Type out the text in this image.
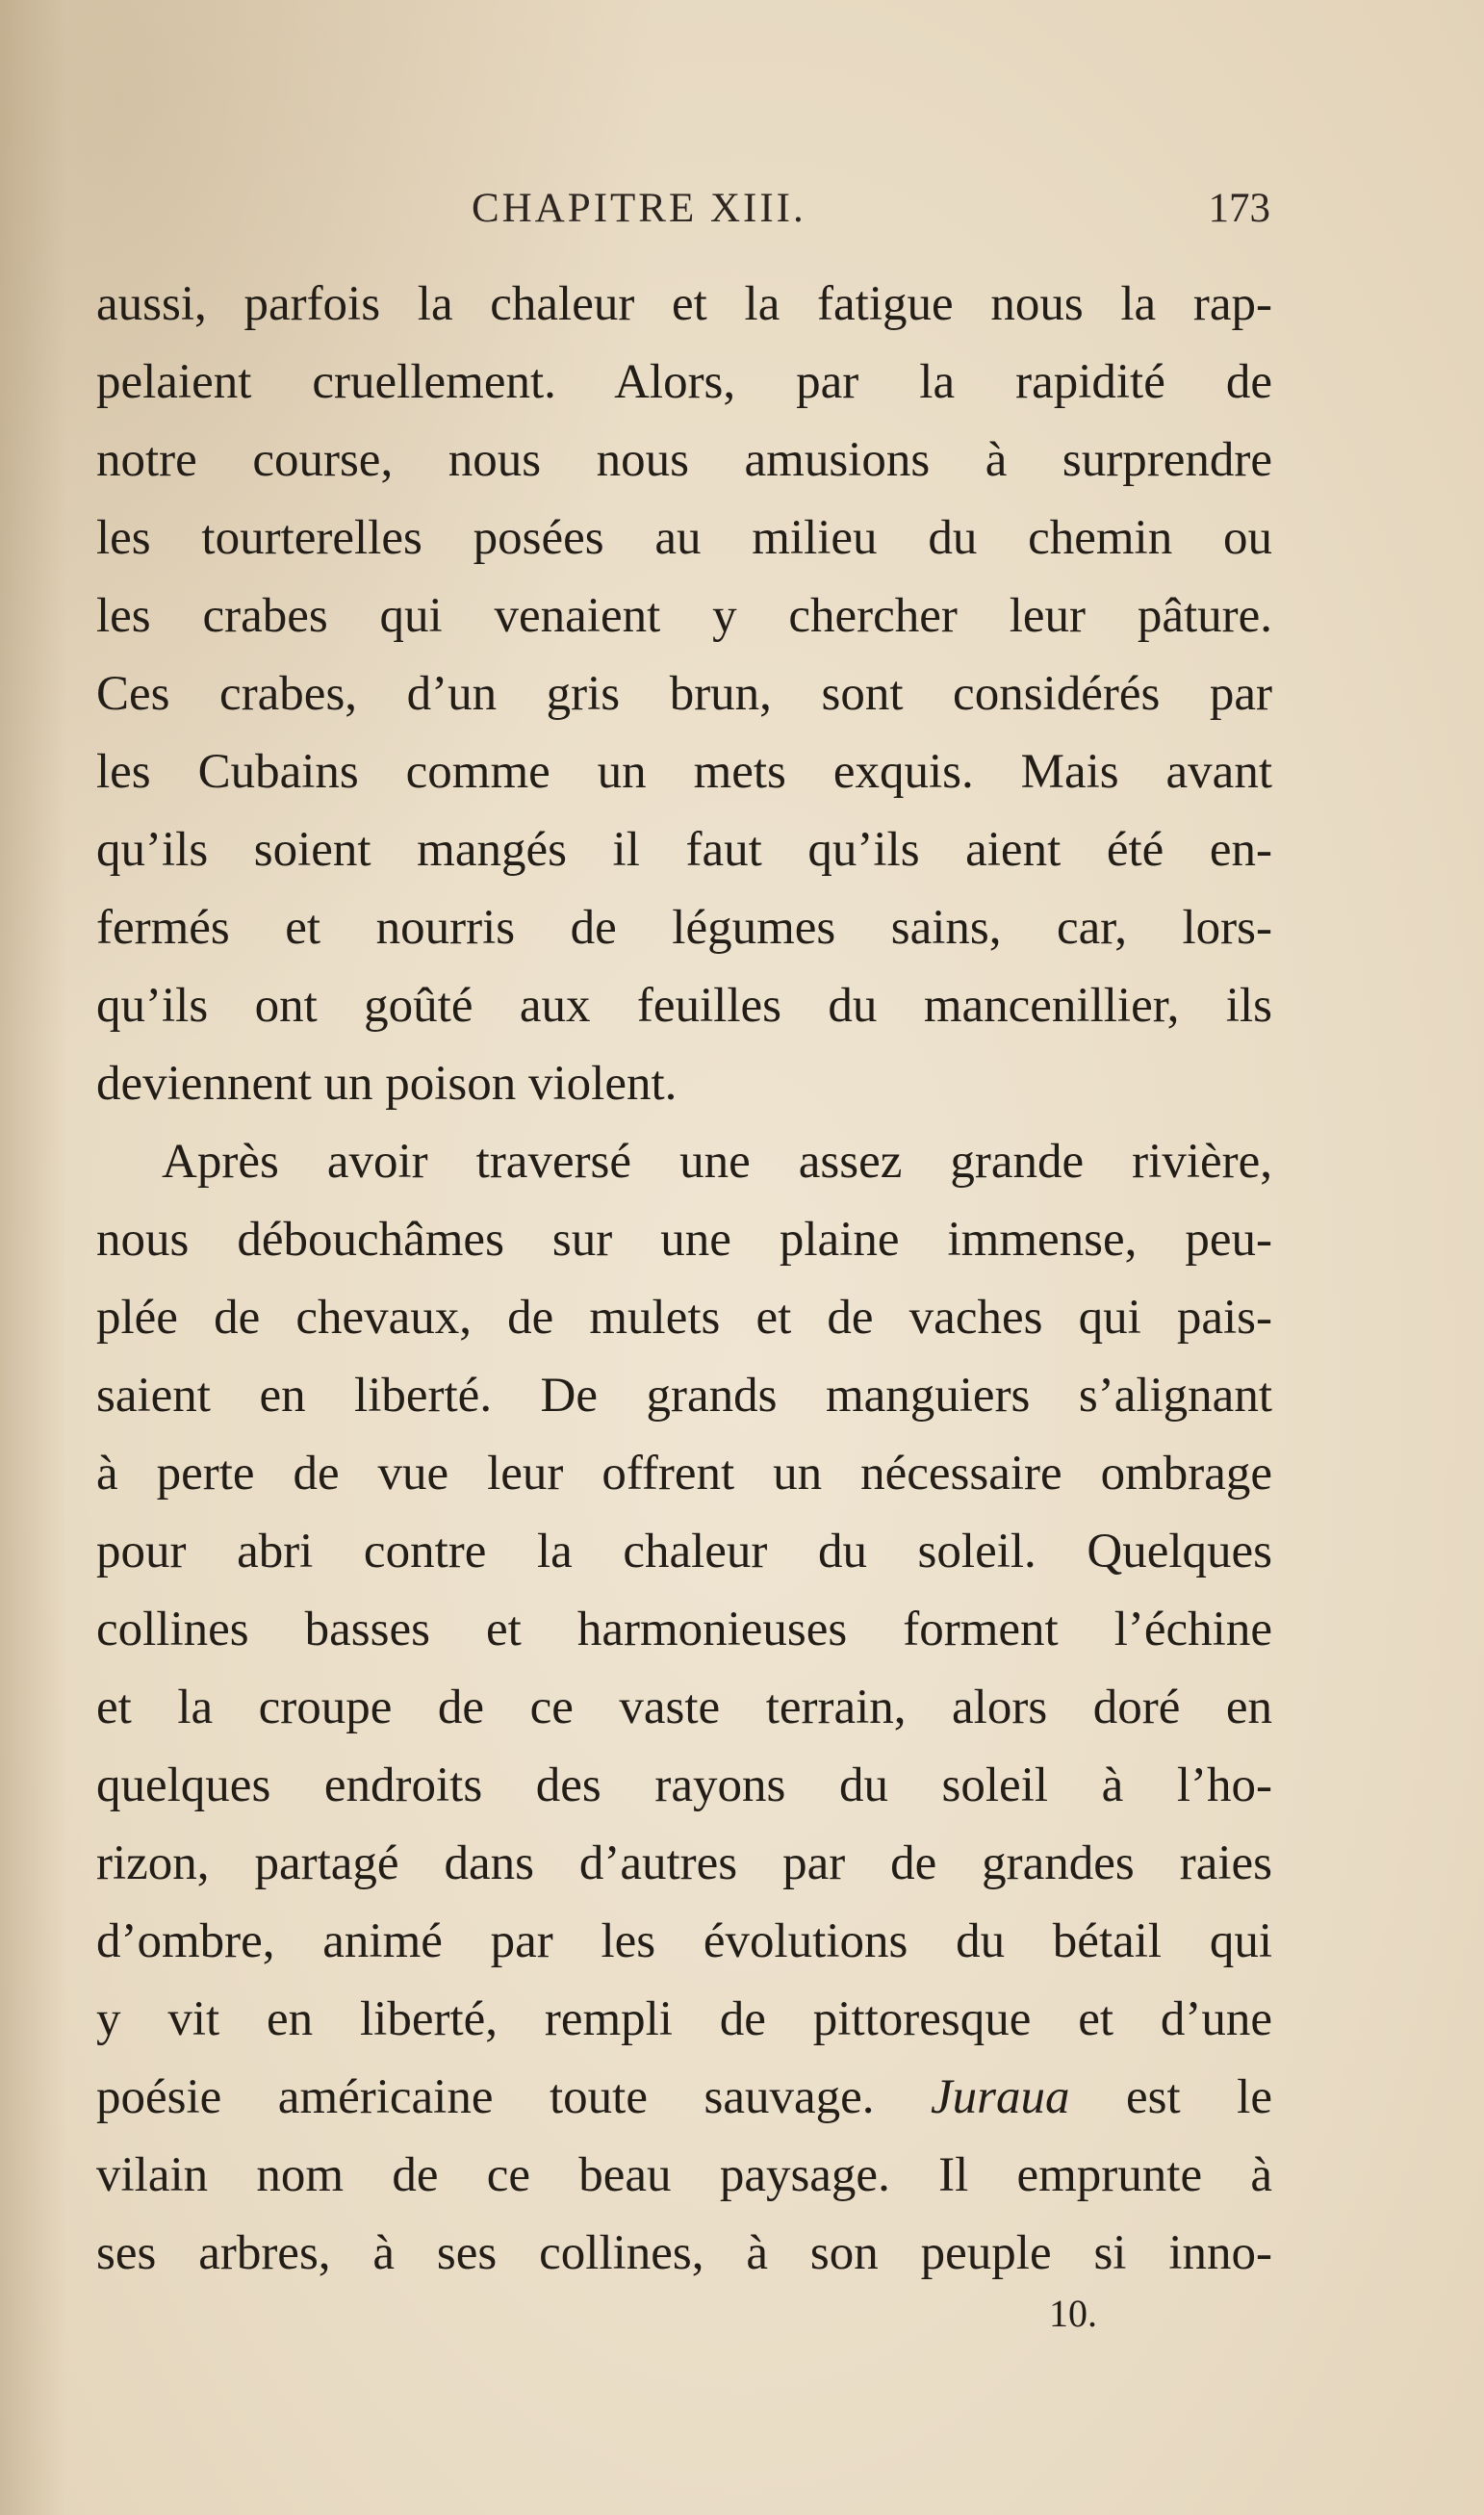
CHAPITRE XIII.	173
aussi, parfois la chaleur et la fatigue nous la rap-
pelaient cruellement. Alors, par la rapidité de
notre course, nous nous amusions à surprendre
les tourterelles posées au milieu du chemin ou
les crabes qui venaient y chercher leur pâture.
Ces crabes, d’un gris brun, sont considérés par
les Cubains comme un mets exquis. Mais avant
qu’ils soient mangés il faut qu’ils aient été en-
fermés et nourris de légumes sains, car, lors-
qu’ils ont goûté aux feuilles du mancenillier, ils
deviennent un poison violent.
Après avoir traversé une assez grande rivière,
nous débouchâmes sur une plaine immense, peu-
plée de chevaux, de mulets et de vaches qui pais-
saient en liberté. De grands manguiers s’alignant
à perte de vue leur offrent un nécessaire ombrage
pour abri contre la chaleur du soleil. Quelques
collines basses et harmonieuses forment l’échine
et la croupe de ce vaste terrain, alors doré en
quelques endroits des rayons du soleil à l’ho-
rizon, partagé dans d’autres par de grandes raies
d’ombre, animé par les évolutions du bétail qui
y vit en liberté, rempli de pittoresque et d’une
poésie américaine toute sauvage. Juraua est le
vilain nom de ce beau paysage. Il emprunte à
ses arbres, à ses collines, à son peuple si inno-
10.
